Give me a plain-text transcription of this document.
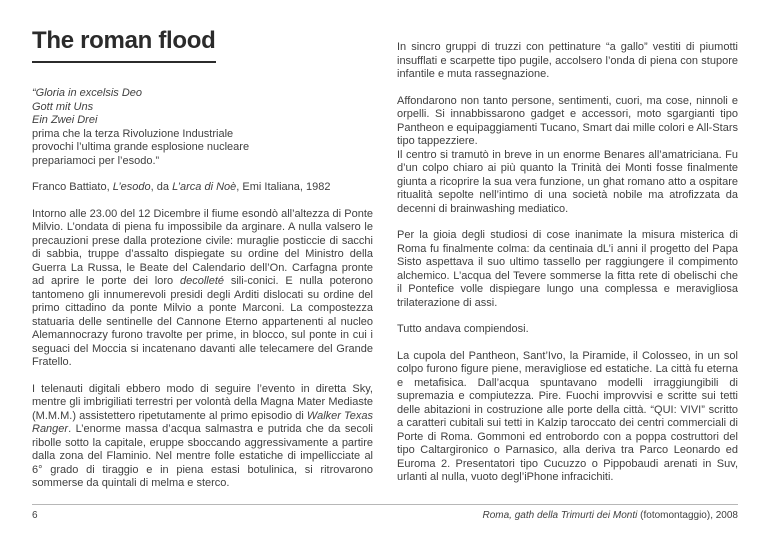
The roman flood
“Gloria in excelsis Deo
Gott mit Uns
Ein Zwei Drei
prima che la terza Rivoluzione Industriale
provochi l’ultima grande esplosione nucleare
prepariamoci per l’esodo.”
Franco Battiato, L’esodo, da L’arca di Noè, Emi Italiana, 1982
Intorno alle 23.00 del 12 Dicembre il fiume esondò all’altezza di Ponte Milvio. L’ondata di piena fu impossibile da arginare. A nulla valsero le precauzioni prese dalla protezione civile: muraglie posticcie di sacchi di sabbia, truppe d’assalto dispiegate su ordine del Ministro della Guerra La Russa, le Beate del Calendario dell’On. Carfagna pronte ad aprire le porte dei loro decolleté sili-conici. E nulla poterono tantomeno gli innumerevoli presidi degli Arditi dislocati su ordine del primo cittadino da ponte Milvio a ponte Marconi. La compostezza statuaria delle sentinelle del Cannone Eterno appartenenti al nucleo Alemannocrazy furono travolte per prime, in blocco, sul ponte in cui i seguaci del Moccia si incatenano davanti alle telecamere del Grande Fratello.
I telenauti digitali ebbero modo di seguire l’evento in diretta Sky, mentre gli imbrigiliati terrestri per volontà della Magna Mater Mediaste (M.M.M.) assistettero ripetutamente al primo episodio di Walker Texas Ranger. L’enorme massa d’acqua salmastra e putrida che da secoli ribolle sotto la capitale, eruppe sboccando aggressivamente a partire dalla zona del Flaminio. Nel mentre folle estatiche di impellicciate al 6° grado di tiraggio e in piena estasi botulinica, si ritrovarono sommerse da quintali di melma e sterco.
In sincro gruppi di truzzi con pettinature “a gallo” vestiti di piumotti insufflati e scarpette tipo pugile, accolsero l’onda di piena con stupore infantile e muta rassegnazione.
Affondarono non tanto persone, sentimenti, cuori, ma cose, ninnoli e orpelli. Si innabbissarono gadget e accessori, moto sgargianti tipo Pantheon e equipaggiamenti Tucano, Smart dai mille colori e All-Stars tipo tappezziere.
Il centro si tramutò in breve in un enorme Benares all’amatriciana. Fu d’un colpo chiaro ai più quanto la Trinità dei Monti fosse finalmente giunta a ricoprire la sua vera funzione, un ghat romano atto a ospitare ritualità sepolte nell’intimo di una società nobile ma atrofizzata da decenni di brainwashing mediatico.
Per la gioia degli studiosi di cose inanimate la misura misterica di Roma fu finalmente colma: da centinaia dL’i anni il progetto del Papa Sisto aspettava il suo ultimo tassello per raggiungere il compimento alchemico. L’acqua del Tevere sommerse la fitta rete di obelischi che il Pontefice volle dispiegare lungo una complessa e meravigliosa trilaterazione di assi.
Tutto andava compiendosi.
La cupola del Pantheon, Sant’Ivo, la Piramide, il Colosseo, in un sol colpo furono figure piene, meravigliose ed estatiche. La città fu eterna e metafisica. Dall’acqua spuntavano modelli irraggiungibili di supremazia e compiutezza. Pire. Fuochi improvvisi e scritte sui tetti delle abitazioni in costruzione alle porte della città. “QUI: VIVI” scritto a caratteri cubitali sui tetti in Kalzip taroccato dei centri commerciali di Porte di Roma. Gommoni ed entrobordo con a poppa costruttori del tipo Caltargironico o Parnasico, alla deriva tra Parco Leonardo ed Euroma 2. Presentatori tipo Cucuzzo o Pippobaudi arenati in Suv, urlanti al nulla, vuoto degl’iPhone infracichiti.
6	Roma, gath della Trimurti dei Monti (fotomontaggio), 2008
